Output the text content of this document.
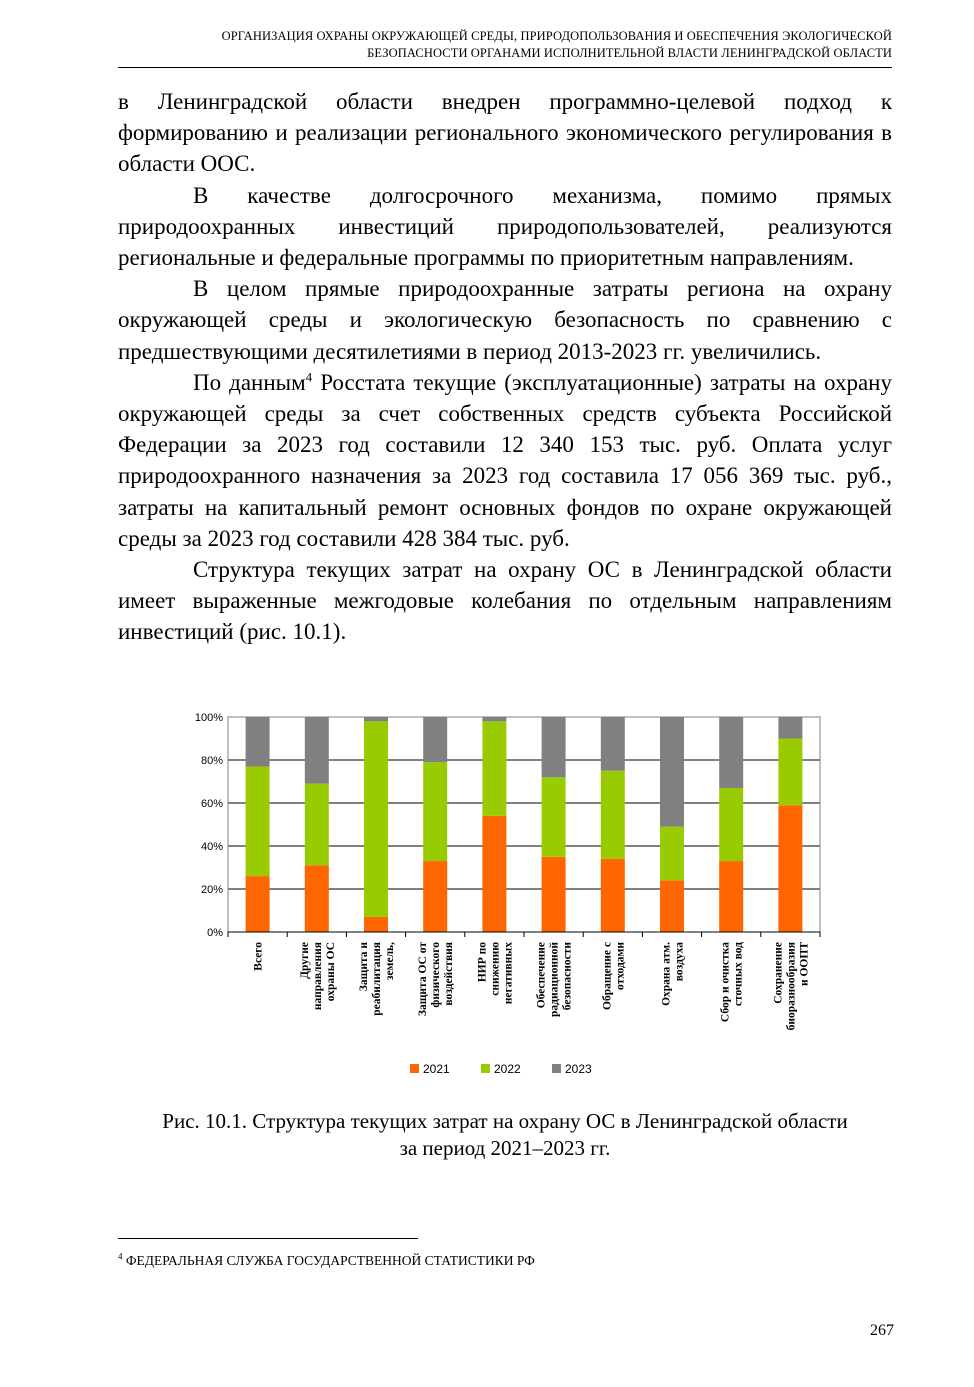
ОРГАНИЗАЦИЯ ОХРАНЫ ОКРУЖАЮЩЕЙ СРЕДЫ, ПРИРОДОПОЛЬЗОВАНИЯ И ОБЕСПЕЧЕНИЯ ЭКОЛОГИЧЕСКОЙ
БЕЗОПАСНОСТИ ОРГАНАМИ ИСПОЛНИТЕЛЬНОЙ ВЛАСТИ ЛЕНИНГРАДСКОЙ ОБЛАСТИ

в Ленинградской области внедрен программно-целевой подход к формированию и реализации регионального экономического регулирования в области ООС.

В качестве долгосрочного механизма, помимо прямых природоохранных инвестиций природопользователей, реализуются региональные и федеральные программы по приоритетным направлениям.

В целом прямые природоохранные затраты региона на охрану окружающей среды и экологическую безопасность по сравнению с предшествующими десятилетиями в период 2013-2023 гг. увеличились.

По данным$^4$ Росстата текущие (эксплуатационные) затраты на охрану окружающей среды за счет собственных средств субъекта Российской Федерации за 2023 год составили 12 340 153 тыс. руб. Оплата услуг природоохранного назначения за 2023 год составила 17 056 369 тыс. руб., затраты на капитальный ремонт основных фондов по охране окружающей среды за 2023 год составили 428 384 тыс. руб.

Структура текущих затрат на охрану ОС в Ленинградской области имеет выраженные межгодовые колебания по отдельным направлениям инвестиций (рис. 10.1).

0%
20%
40%
60%
80%
100%
Всего	Другие направления охраны ОС Защита и реабилитация земель, Защита ОС от физического воздействия НИР по снижению негативных Обеспечение радиационной безопасности Обращение с отходами	Охрана атм. воздуха	Сбор и очистка сточных вод Сохранение биоразнообразия и ООПТ
2021	2022	2023
Рис. 10.1. Структура текущих затрат на охрану ОС в Ленинградской области
за период 2021–2023 гг.
$^4$ ФЕДЕРАЛЬНАЯ СЛУЖБА ГОСУДАРСТВЕННОЙ СТАТИСТИКИ РФ
267
